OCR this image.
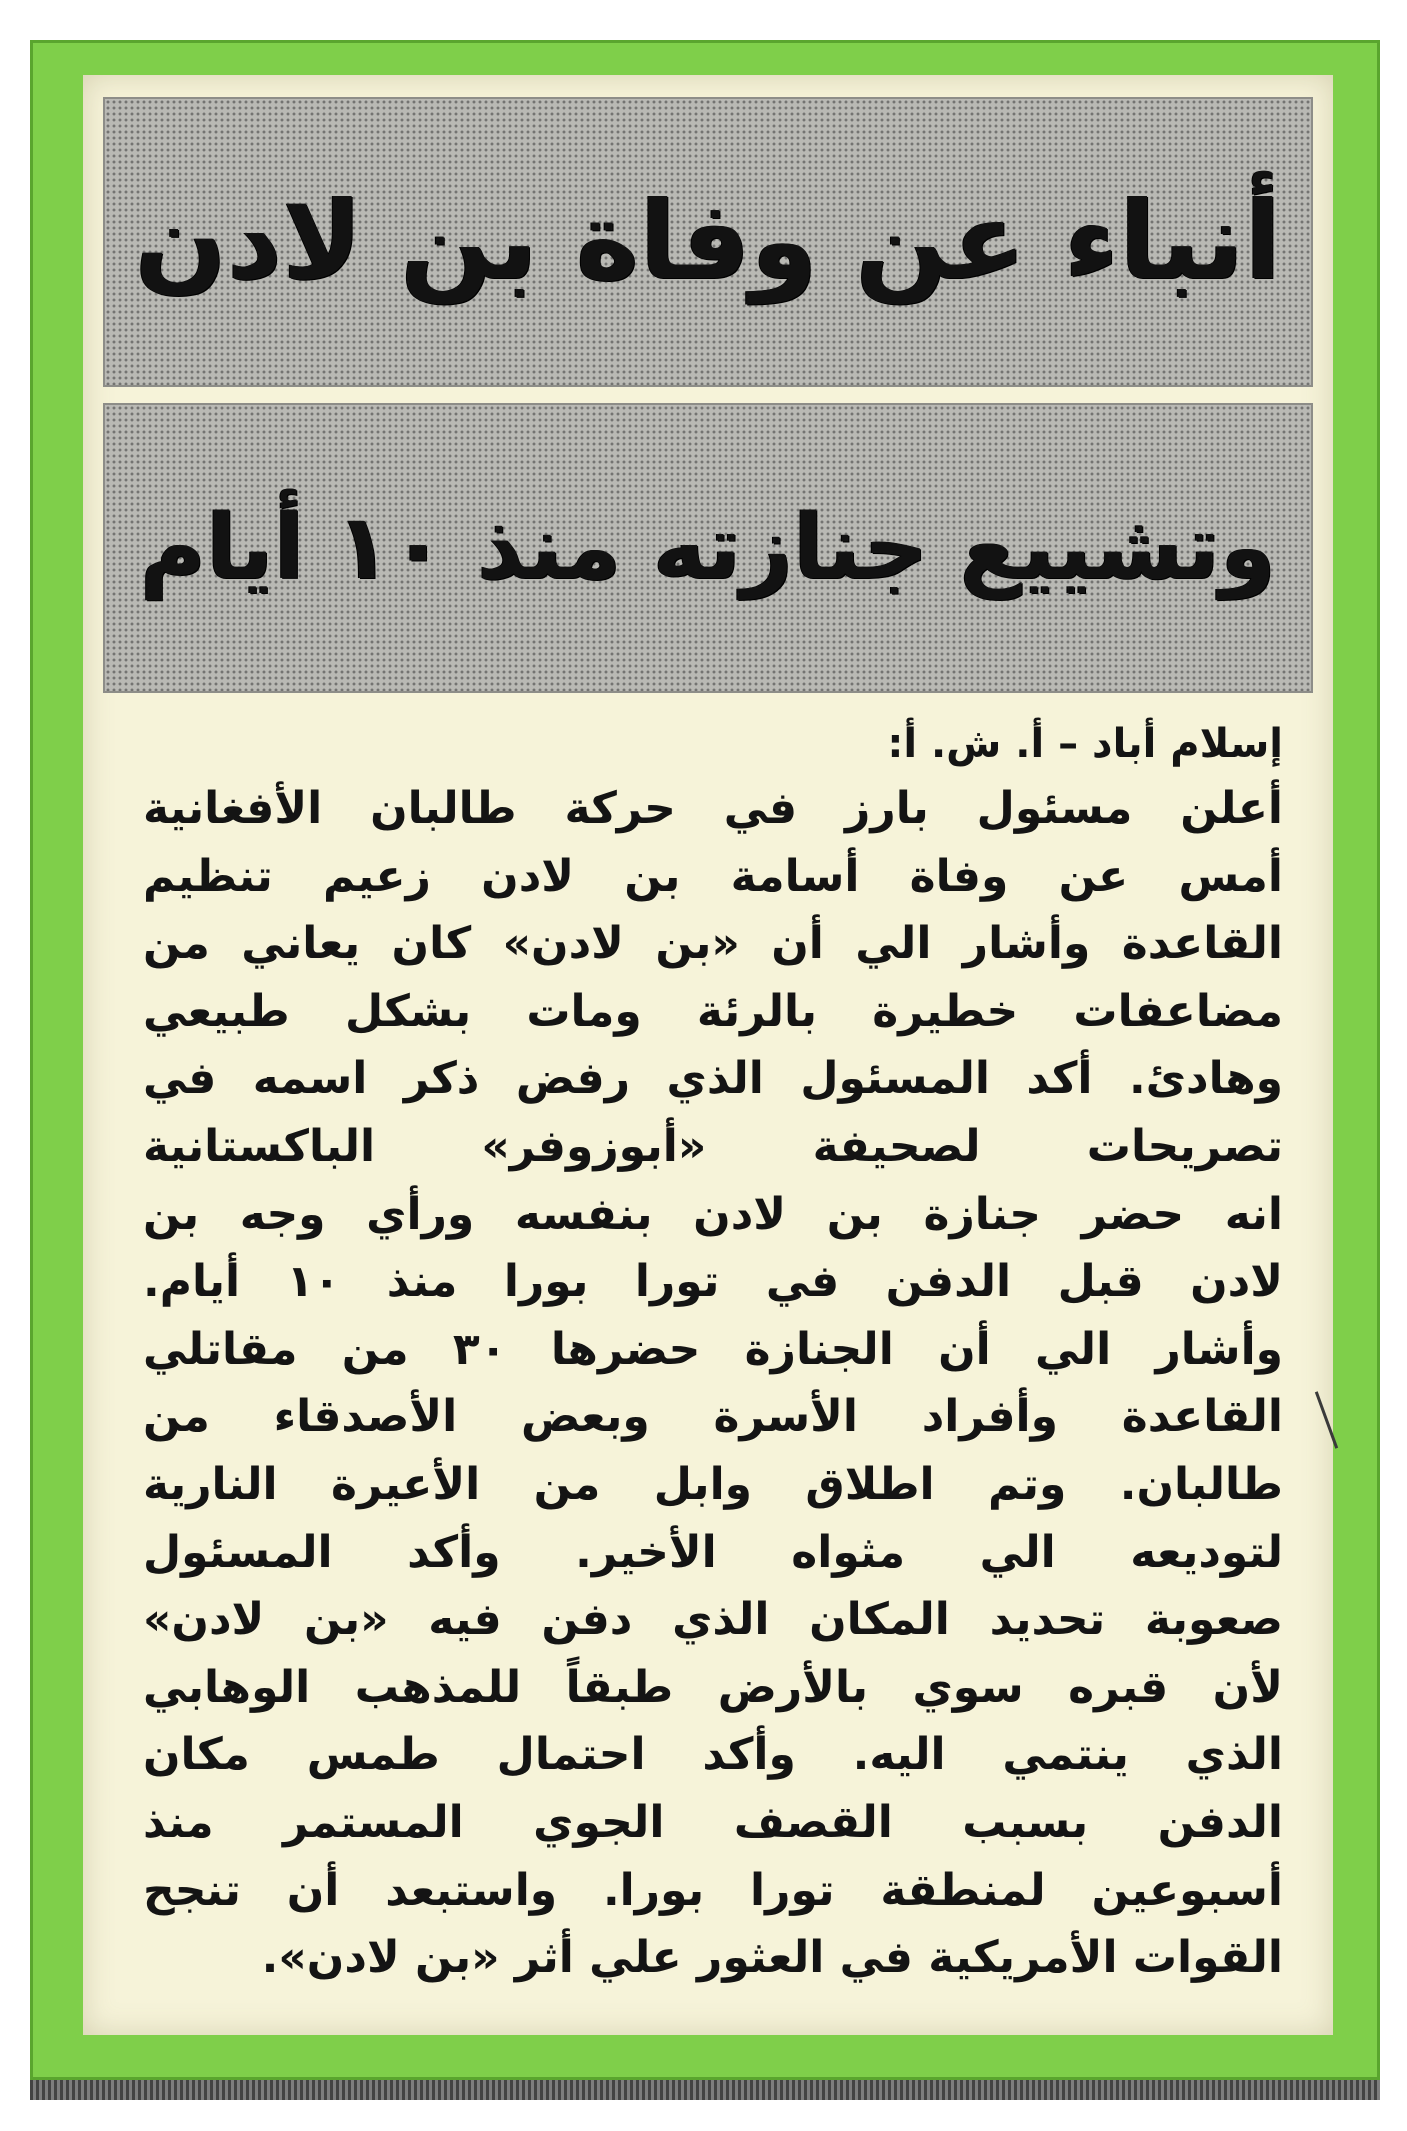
أنباء عن وفاة بن لادن
وتشييع جنازته منذ ١٠ أيام
إسلام أباد – أ. ش. أ:
أعلن مسئول بارز في حركة طالبان الأفغانية
أمس عن وفاة أسامة بن لادن زعيم تنظيم
القاعدة وأشار الي أن «بن لادن» كان يعاني من
مضاعفات خطيرة بالرئة ومات بشكل طبيعي
وهادئ. أكد المسئول الذي رفض ذكر اسمه في
تصريحات لصحيفة «أبوزوفر» الباكستانية
انه حضر جنازة بن لادن بنفسه ورأي وجه بن
لادن قبل الدفن في تورا بورا منذ ١٠ أيام.
وأشار الي أن الجنازة حضرها ٣٠ من مقاتلي
القاعدة وأفراد الأسرة وبعض الأصدقاء من
طالبان. وتم اطلاق وابل من الأعيرة النارية
لتوديعه الي مثواه الأخير. وأكد المسئول
صعوبة تحديد المكان الذي دفن فيه «بن لادن»
لأن قبره سوي بالأرض طبقاً للمذهب الوهابي
الذي ينتمي اليه. وأكد احتمال طمس مكان
الدفن بسبب القصف الجوي المستمر منذ
أسبوعين لمنطقة تورا بورا. واستبعد أن تنجح
القوات الأمريكية في العثور علي أثر «بن لادن».
